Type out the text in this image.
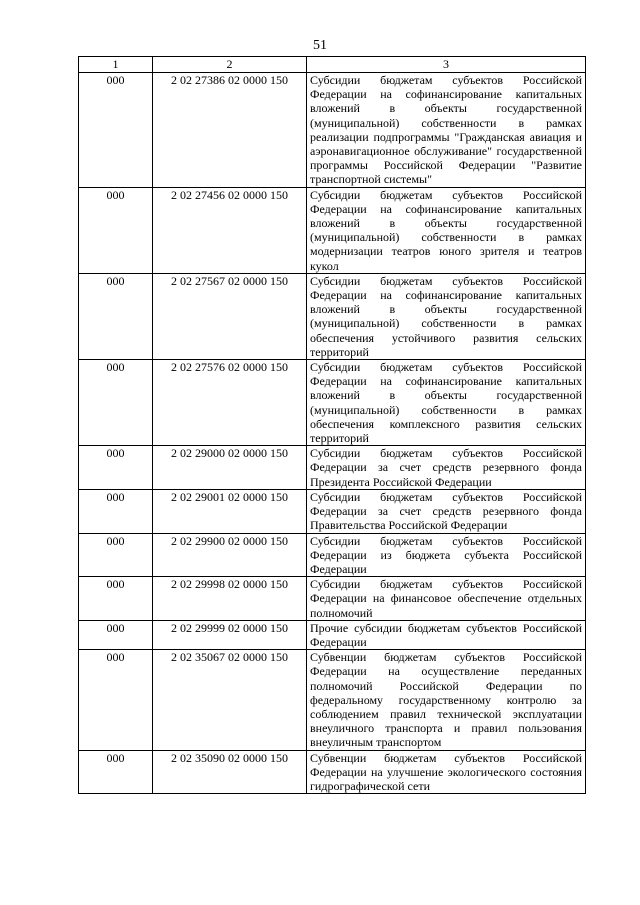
51
1	2	3
000	2 02 27386 02 0000 150	Субсидии бюджетам субъектов Российской Федерации на софинансирование капитальных вложений в объекты государственной (муниципальной) собственности в рамках реализации подпрограммы "Гражданская авиация и аэронавигационное обслуживание" государственной программы Российской Федерации "Развитие транспортной системы"
000	2 02 27456 02 0000 150	Субсидии бюджетам субъектов Российской Федерации на софинансирование капитальных вложений в объекты государственной (муниципальной) собственности в рамках модернизации театров юного зрителя и театров кукол
000	2 02 27567 02 0000 150	Субсидии бюджетам субъектов Российской Федерации на софинансирование капитальных вложений в объекты государственной (муниципальной) собственности в рамках обеспечения устойчивого развития сельских территорий
000	2 02 27576 02 0000 150	Субсидии бюджетам субъектов Российской Федерации на софинансирование капитальных вложений в объекты государственной (муниципальной) собственности в рамках обеспечения комплексного развития сельских территорий
000	2 02 29000 02 0000 150	Субсидии бюджетам субъектов Российской Федерации за счет средств резервного фонда Президента Российской Федерации
000	2 02 29001 02 0000 150	Субсидии бюджетам субъектов Российской Федерации за счет средств резервного фонда Правительства Российской Федерации
000	2 02 29900 02 0000 150	Субсидии бюджетам субъектов Российской Федерации из бюджета субъекта Российской Федерации
000	2 02 29998 02 0000 150	Субсидии бюджетам субъектов Российской Федерации на финансовое обеспечение отдельных полномочий
000	2 02 29999 02 0000 150	Прочие субсидии бюджетам субъектов Российской Федерации
000	2 02 35067 02 0000 150	Субвенции бюджетам субъектов Российской Федерации на осуществление переданных полномочий Российской Федерации по федеральному государственному контролю за соблюдением правил технической эксплуатации внеуличного транспорта и правил пользования внеуличным транспортом
000	2 02 35090 02 0000 150	Субвенции бюджетам субъектов Российской Федерации на улучшение экологического состояния гидрографической сети
